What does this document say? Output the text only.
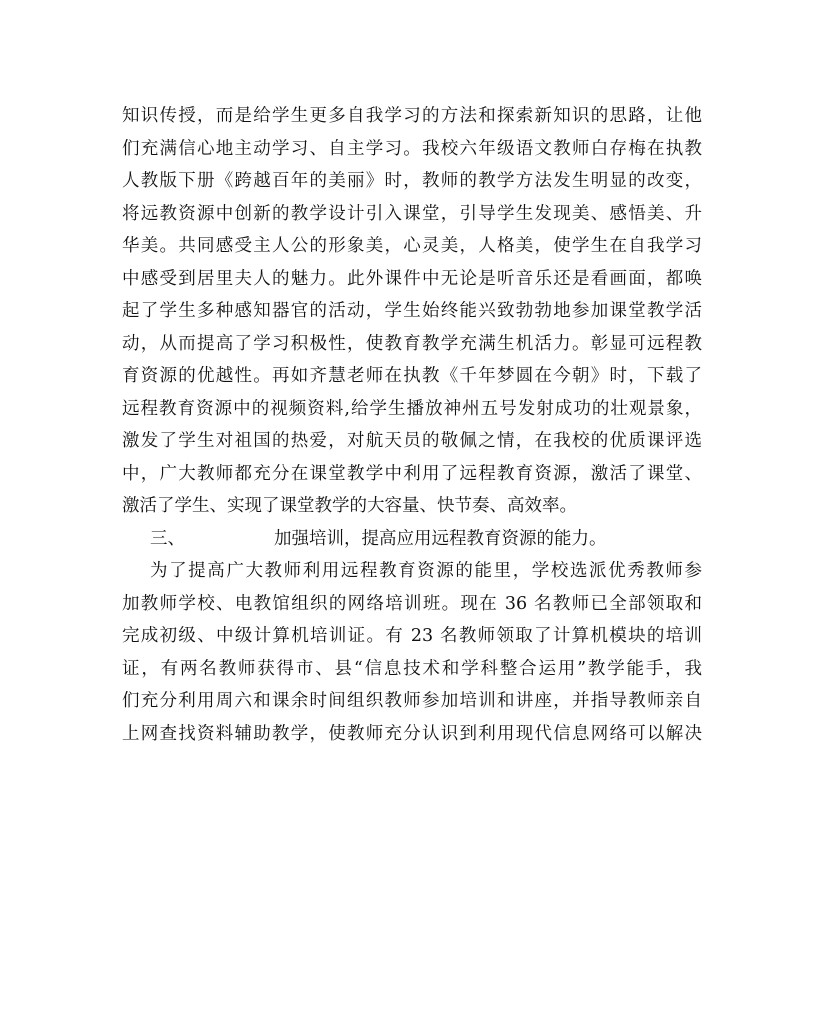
知识传授，而是给学生更多自我学习的方法和探索新知识的思路，让他
们充满信心地主动学习、自主学习。我校六年级语文教师白存梅在执教
人教版下册《跨越百年的美丽》时，教师的教学方法发生明显的改变，
将远教资源中创新的教学设计引入课堂，引导学生发现美、感悟美、升
华美。共同感受主人公的形象美，心灵美，人格美，使学生在自我学习
中感受到居里夫人的魅力。此外课件中无论是听音乐还是看画面，都唤
起了学生多种感知器官的活动，学生始终能兴致勃勃地参加课堂教学活
动，从而提高了学习积极性，使教育教学充满生机活力。彰显可远程教
育资源的优越性。再如齐慧老师在执教《千年梦圆在今朝》时，下载了
远程教育资源中的视频资料,给学生播放神州五号发射成功的壮观景象，
激发了学生对祖国的热爱，对航天员的敬佩之情，在我校的优质课评选
中，广大教师都充分在课堂教学中利用了远程教育资源，激活了课堂、
激活了学生、实现了课堂教学的大容量、快节奏、高效率。
三、	加强培训，提高应用远程教育资源的能力。
为了提高广大教师利用远程教育资源的能里，学校选派优秀教师参
加教师学校、电教馆组织的网络培训班。现在 36 名教师已全部领取和
完成初级、中级计算机培训证。有 23 名教师领取了计算机模块的培训
证，有两名教师获得市、县“信息技术和学科整合运用”教学能手，我
们充分利用周六和课余时间组织教师参加培训和讲座，并指导教师亲自
上网查找资料辅助教学，使教师充分认识到利用现代信息网络可以解决
